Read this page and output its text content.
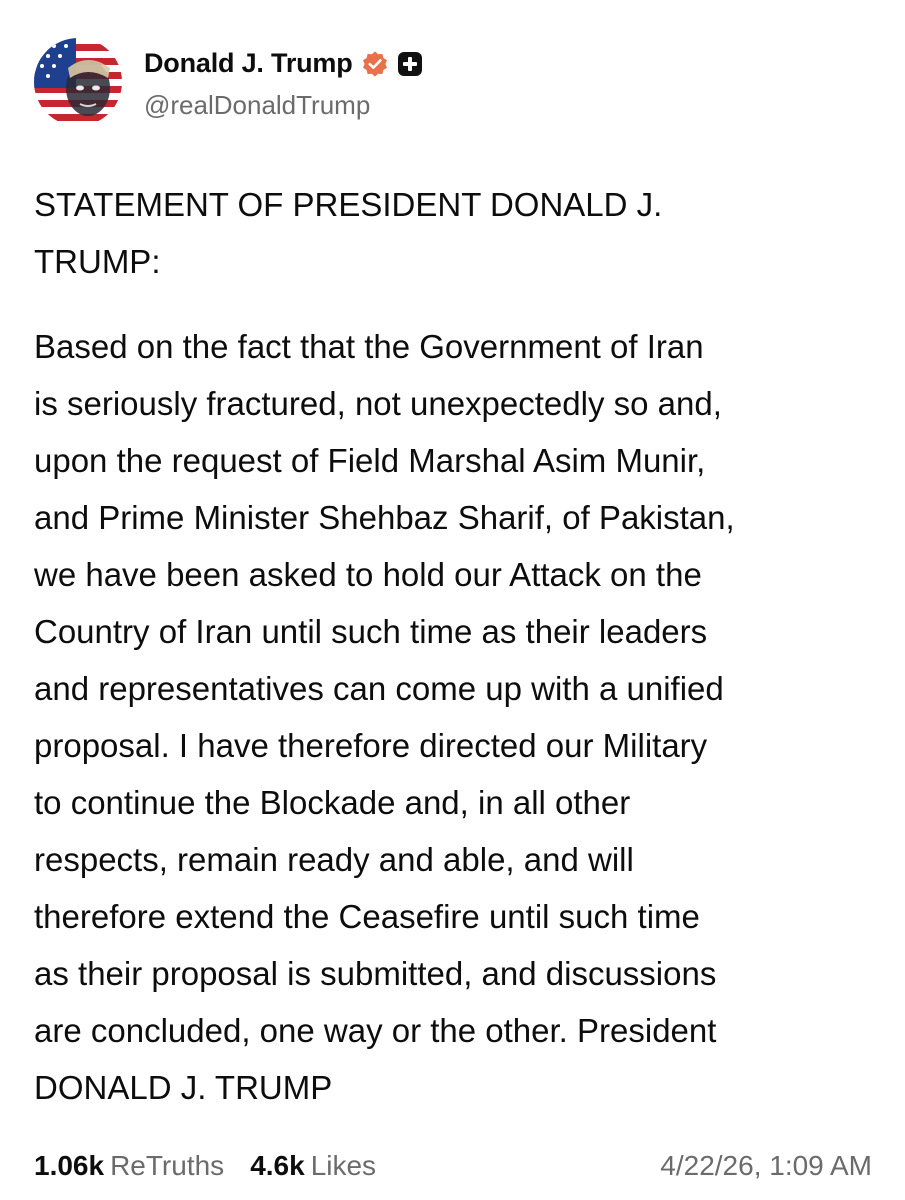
Donald J. Trump
@realDonaldTrump

STATEMENT OF PRESIDENT DONALD J.
TRUMP:

Based on the fact that the Government of Iran
is seriously fractured, not unexpectedly so and,
upon the request of Field Marshal Asim Munir,
and Prime Minister Shehbaz Sharif, of Pakistan,
we have been asked to hold our Attack on the
Country of Iran until such time as their leaders
and representatives can come up with a unified
proposal. I have therefore directed our Military
to continue the Blockade and, in all other
respects, remain ready and able, and will
therefore extend the Ceasefire until such time
as their proposal is submitted, and discussions
are concluded, one way or the other. President
DONALD J. TRUMP

1.06k ReTruths 4.6k Likes	4/22/26, 1:09 AM
